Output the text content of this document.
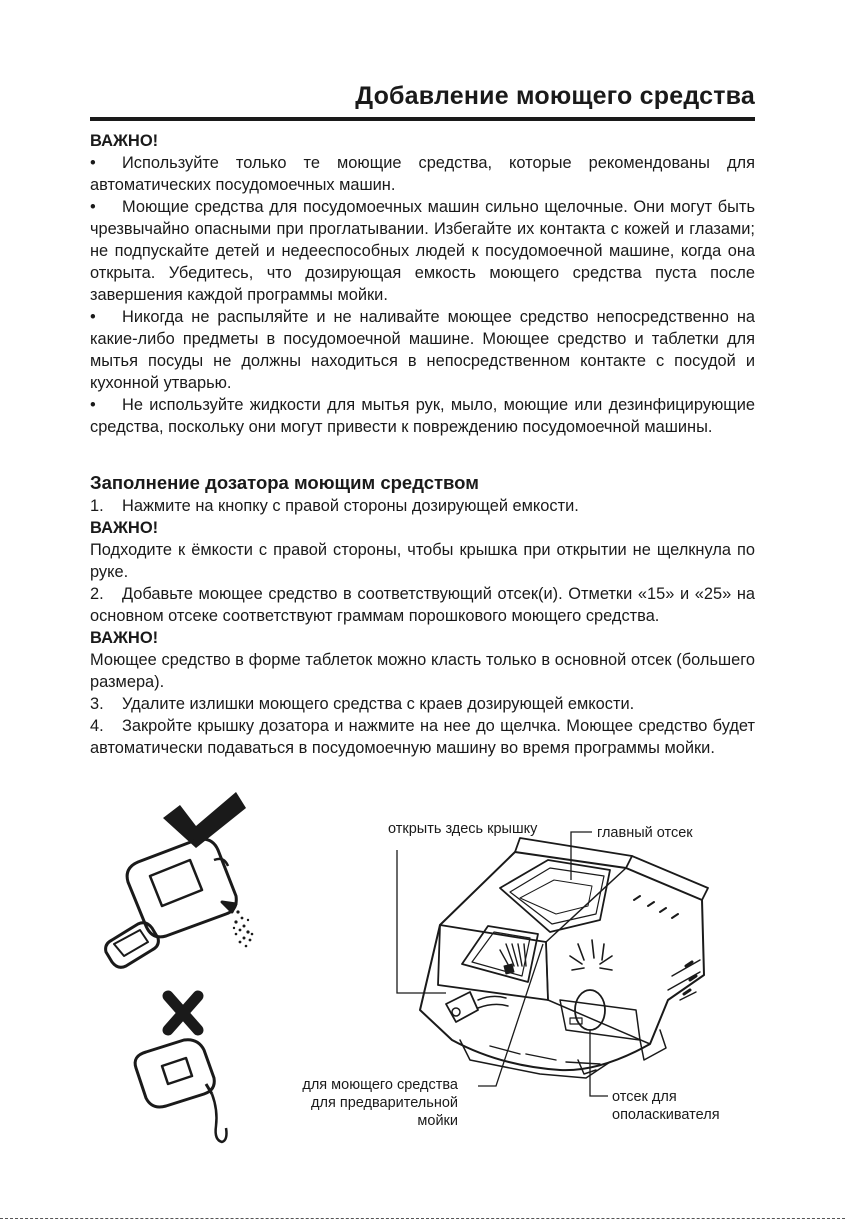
Добавление моющего средства

ВАЖНО!

• Используйте только те моющие средства, которые рекомендованы для автоматических посудомоечных машин.

• Моющие средства для посудомоечных машин сильно щелочные. Они могут быть чрезвычайно опасными при проглатывании. Избегайте их контакта с кожей и глазами; не подпускайте детей и недееспособных людей к посудомоечной машине, когда она открыта. Убедитесь, что дозирующая емкость моющего средства пуста после завершения каждой программы мойки.

• Никогда не распыляйте и не наливайте моющее средство непосредственно на какие-либо предметы в посудомоечной машине. Моющее средство и таблетки для мытья посуды не должны находиться в непосредственном контакте с посудой и кухонной утварью.

• Не используйте жидкости для мытья рук, мыло, моющие или дезинфицирующие средства, поскольку они могут привести к повреждению посудомоечной машины.

Заполнение дозатора моющим средством

1. Нажмите на кнопку с правой стороны дозирующей емкости.

ВАЖНО!

Подходите к ёмкости с правой стороны, чтобы крышка при открытии не щелкнула по руке.

2. Добавьте моющее средство в соответствующий отсек(и). Отметки «15» и «25» на основном отсеке соответствуют граммам порошкового моющего средства.

ВАЖНО!

Моющее средство в форме таблеток можно класть только в основной отсек (большего размера).

3. Удалите излишки моющего средства с краев дозирующей емкости.

4. Закройте крышку дозатора и нажмите на нее до щелчка. Моющее средство будет автоматически подаваться в посудомоечную машину во время программы мойки.

открыть здесь крышку	главный отсек
для моющего средства
для предварительной
мойки
отсек для
ополаскивателя
